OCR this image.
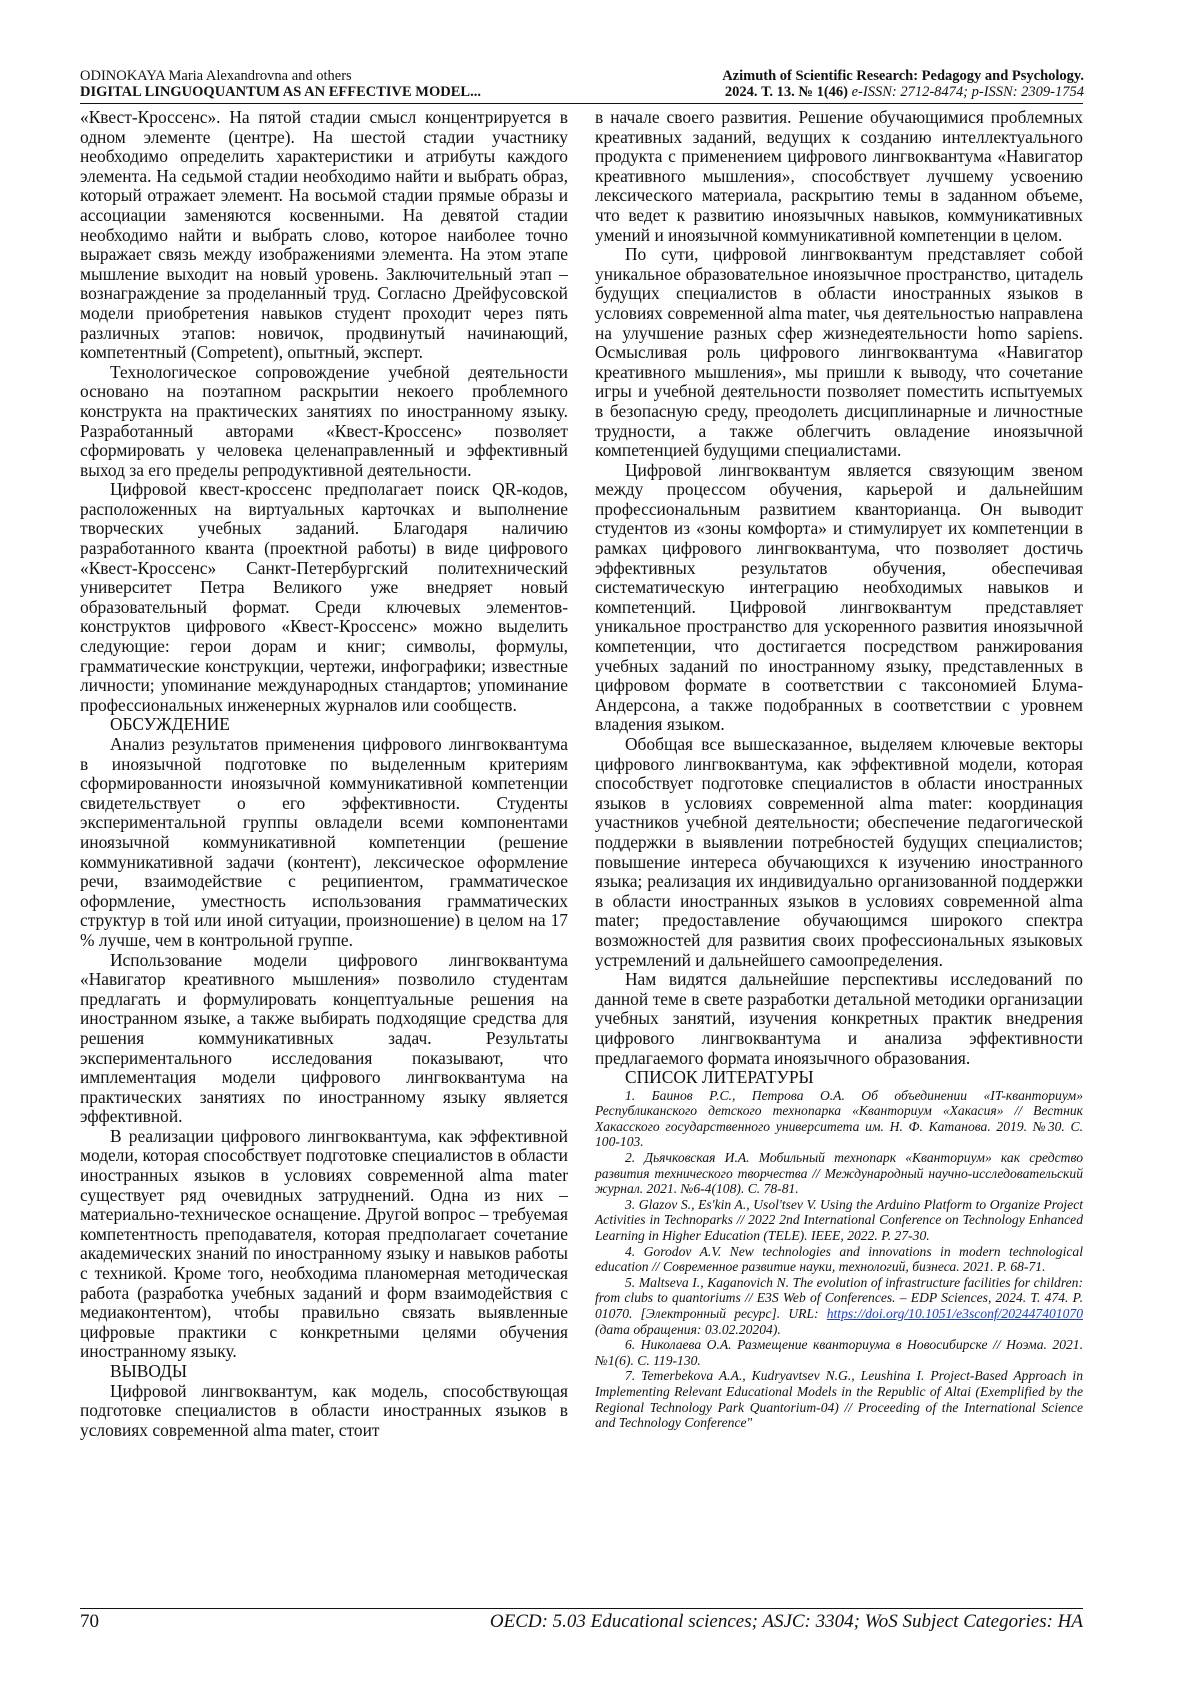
ODINOKAYA Maria Alexandrovna and others
DIGITAL LINGUOQUANTUM AS AN EFFECTIVE MODEL...
Azimuth of Scientific Research: Pedagogy and Psychology.
2024. Т. 13. № 1(46) e-ISSN: 2712-8474; p-ISSN: 2309-1754

«Квест-Кроссенс». На пятой стадии смысл концентрируется в одном элементе (центре). На шестой стадии участнику необходимо определить характеристики и атрибуты каждого элемента. На седьмой стадии необходимо найти и выбрать образ, который отражает элемент. На восьмой стадии прямые образы и ассоциации заменяются косвенными. На девятой стадии необходимо найти и выбрать слово, которое наиболее точно выражает связь между изображениями элемента. На этом этапе мышление выходит на новый уровень. Заключительный этап – вознаграждение за проделанный труд. Согласно Дрейфусовской модели приобретения навыков студент проходит через пять различных этапов: новичок, продвинутый начинающий, компетентный (Competent), опытный, эксперт.

Технологическое сопровождение учебной деятельности основано на поэтапном раскрытии некоего проблемного конструкта на практических занятиях по иностранному языку. Разработанный авторами «Квест-Кроссенс» позволяет сформировать у человека целенаправленный и эффективный выход за его пределы репродуктивной деятельности.

Цифровой квест-кроссенс предполагает поиск QR-кодов, расположенных на виртуальных карточках и выполнение творческих учебных заданий. Благодаря наличию разработанного кванта (проектной работы) в виде цифрового «Квест-Кроссенс» Санкт-Петербургский политехнический университет Петра Великого уже внедряет новый образовательный формат. Среди ключевых элементов-конструктов цифрового «Квест-Кроссенс» можно выделить следующие: герои дорам и книг; символы, формулы, грамматические конструкции, чертежи, инфографики; известные личности; упоминание международных стандартов; упоминание профессиональных инженерных журналов или сообществ.

ОБСУЖДЕНИЕ

Анализ результатов применения цифрового лингвоквантума в иноязычной подготовке по выделенным критериям сформированности иноязычной коммуникативной компетенции свидетельствует о его эффективности. Студенты экспериментальной группы овладели всеми компонентами иноязычной коммуникативной компетенции (решение коммуникативной задачи (контент), лексическое оформление речи, взаимодействие с реципиентом, грамматическое оформление, уместность использования грамматических структур в той или иной ситуации, произношение) в целом на 17 % лучше, чем в контрольной группе.

Использование модели цифрового лингвоквантума «Навигатор креативного мышления» позволило студентам предлагать и формулировать концептуальные решения на иностранном языке, а также выбирать подходящие средства для решения коммуникативных задач. Результаты экспериментального исследования показывают, что имплементация модели цифрового лингвоквантума на практических занятиях по иностранному языку является эффективной.

В реализации цифрового лингвоквантума, как эффективной модели, которая способствует подготовке специалистов в области иностранных языков в условиях современной alma mater существует ряд очевидных затруднений. Одна из них – материально-техническое оснащение. Другой вопрос – требуемая компетентность преподавателя, которая предполагает сочетание академических знаний по иностранному языку и навыков работы с техникой. Кроме того, необходима планомерная методическая работа (разработка учебных заданий и форм взаимодействия с медиаконтентом), чтобы правильно связать выявленные цифровые практики с конкретными целями обучения иностранному языку.

ВЫВОДЫ

Цифровой лингвоквантум, как модель, способствующая подготовке специалистов в области иностранных языков в условиях современной alma mater, стоит

в начале своего развития. Решение обучающимися проблемных креативных заданий, ведущих к созданию интеллектуального продукта с применением цифрового лингвоквантума «Навигатор креативного мышления», способствует лучшему усвоению лексического материала, раскрытию темы в заданном объеме, что ведет к развитию иноязычных навыков, коммуникативных умений и иноязычной коммуникативной компетенции в целом.

По сути, цифровой лингвоквантум представляет собой уникальное образовательное иноязычное пространство, цитадель будущих специалистов в области иностранных языков в условиях современной alma mater, чья деятельностью направлена на улучшение разных сфер жизнедеятельности homo sapiens. Осмысливая роль цифрового лингвоквантума «Навигатор креативного мышления», мы пришли к выводу, что сочетание игры и учебной деятельности позволяет поместить испытуемых в безопасную среду, преодолеть дисциплинарные и личностные трудности, а также облегчить овладение иноязычной компетенцией будущими специалистами.

Цифровой лингвоквантум является связующим звеном между процессом обучения, карьерой и дальнейшим профессиональным развитием кванторианца. Он выводит студентов из «зоны комфорта» и стимулирует их компетенции в рамках цифрового лингвоквантума, что позволяет достичь эффективных результатов обучения, обеспечивая систематическую интеграцию необходимых навыков и компетенций. Цифровой лингвоквантум представляет уникальное пространство для ускоренного развития иноязычной компетенции, что достигается посредством ранжирования учебных заданий по иностранному языку, представленных в цифровом формате в соответствии с таксономией Блума-Андерсона, а также подобранных в соответствии с уровнем владения языком.

Обобщая все вышесказанное, выделяем ключевые векторы цифрового лингвоквантума, как эффективной модели, которая способствует подготовке специалистов в области иностранных языков в условиях современной alma mater: координация участников учебной деятельности; обеспечение педагогической поддержки в выявлении потребностей будущих специалистов; повышение интереса обучающихся к изучению иностранного языка; реализация их индивидуально организованной поддержки в области иностранных языков в условиях современной alma mater; предоставление обучающимся широкого спектра возможностей для развития своих профессиональных языковых устремлений и дальнейшего самоопределения.

Нам видятся дальнейшие перспективы исследований по данной теме в свете разработки детальной методики организации учебных занятий, изучения конкретных практик внедрения цифрового лингвоквантума и анализа эффективности предлагаемого формата иноязычного образования.

СПИСОК ЛИТЕРАТУРЫ
1. Баинов Р.С., Петрова О.А. Об объединении «IT-кванториум» Республиканского детского технопарка «Кванториум «Хакасия» // Вестник Хакасского государственного университета им. Н. Ф. Катанова. 2019. №30. С. 100-103.
2. Дьячковская И.А. Мобильный технопарк «Кванториум» как средство развития технического творчества // Международный научно-исследовательский журнал. 2021. №6-4(108). С. 78-81.
3. Glazov S., Es'kin A., Usol'tsev V. Using the Arduino Platform to Organize Project Activities in Technoparks // 2022 2nd International Conference on Technology Enhanced Learning in Higher Education (TELE). IEEE, 2022. P. 27-30.
4. Gorodov A.V. New technologies and innovations in modern technological education // Современное развитие науки, технологий, бизнеса. 2021. P. 68-71.
5. Maltseva I., Kaganovich N. The evolution of infrastructure facilities for children: from clubs to quantoriums // E3S Web of Conferences. – EDP Sciences, 2024. Т. 474. Р. 01070. [Электронный ресурс]. URL: https://doi.org/10.1051/e3sconf/202447401070 (дата обращения: 03.02.20204).
6. Николаева О.А. Размещение кванториума в Новосибирске // Ноэма. 2021. №1(6). С. 119-130.
7. Temerbekova A.A., Kudryavtsev N.G., Leushina I. Project-Based Approach in Implementing Relevant Educational Models in the Republic of Altai (Exemplified by the Regional Technology Park Quantorium-04) // Proceeding of the International Science and Technology Conference"
70	OECD: 5.03 Educational sciences; ASJC: 3304; WoS Subject Categories: HA
